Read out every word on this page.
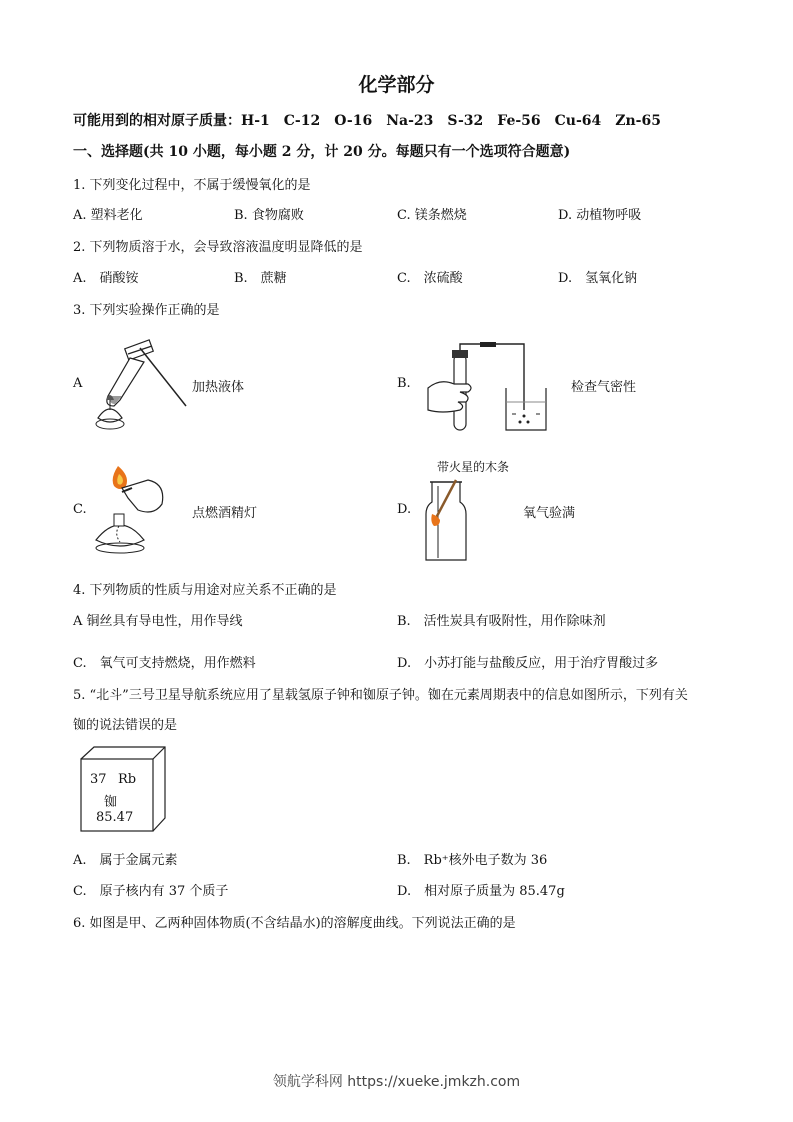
化学部分
可能用到的相对原子质量：H-1　C-12　O-16　Na-23　S-32　Fe-56　Cu-64　Zn-65
一、选择题(共 10 小题，每小题 2 分，计 20 分。每题只有一个选项符合题意)
1. 下列变化过程中，不属于缓慢氧化的是
A. 塑料老化	B. 食物腐败	C. 镁条燃烧	D. 动植物呼吸
2. 下列物质溶于水，会导致溶液温度明显降低的是
A.　硝酸铵	B.　蔗糖	C.　浓硫酸	D.　氢氧化钠
3. 下列实验操作正确的是
A	加热液体	B.	检查气密性
C.	点燃酒精灯	D.
带火星的木条
氧气验满
4. 下列物质的性质与用途对应关系不正确的是
A 铜丝具有导电性，用作导线	B.　活性炭具有吸附性，用作除味剂
C.　氧气可支持燃烧，用作燃料	D.　小苏打能与盐酸反应，用于治疗胃酸过多
5. “北斗”三号卫星导航系统应用了星载氢原子钟和铷原子钟。铷在元素周期表中的信息如图所示，下列有关
铷的说法错误的是
37 Rb
铷
85.47
A.　属于金属元素	B.　Rb⁺核外电子数为 36
C.　原子核内有 37 个质子	D.　相对原子质量为 85.47g
6. 如图是甲、乙两种固体物质(不含结晶水)的溶解度曲线。下列说法正确的是
领航学科网 https://xueke.jmkzh.com
